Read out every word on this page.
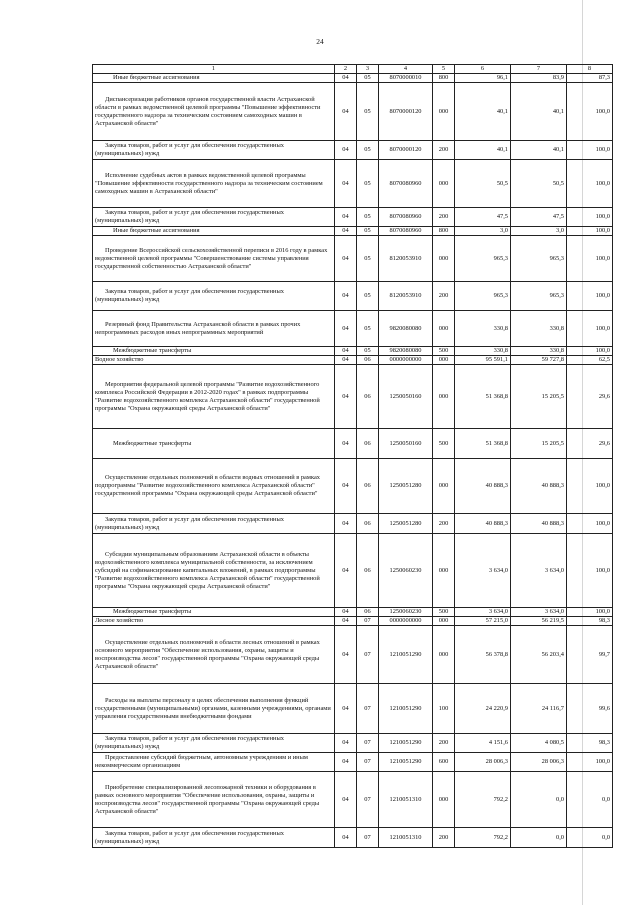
24
1	2	3	4	5	6	7	8
Иные бюджетные ассигнования	04	05	8070000010	800	96,1	83,9	87,3
Диспансеризация работников органов государственной власти Астраханской области в рамках ведомственной целевой программы "Повышение эффективности государственного надзора за техническим состоянием самоходных машин в Астраханской области"	04	05	8070000120	000	40,1	40,1	100,0
Закупка товаров, работ и услуг для обеспечения государственных (муниципальных) нужд	04	05	8070000120	200	40,1	40,1	100,0
Исполнение судебных актов в рамках ведомственной целевой программы "Повышение эффективности государственного надзора за техническим состоянием самоходных машин в Астраханской области"	04	05	8070080960	000	50,5	50,5	100,0
Закупка товаров, работ и услуг для обеспечения государственных (муниципальных) нужд	04	05	8070080960	200	47,5	47,5	100,0
Иные бюджетные ассигнования	04	05	8070080960	800	3,0	3,0	100,0
Проведение Всероссийской сельскохозяйственной переписи в 2016 году в рамках ведомственной целевой программы "Совершенствование системы управления государственной собственностью Астраханской области"	04	05	8120053910	000	965,3	965,3	100,0
Закупка товаров, работ и услуг для обеспечения государственных (муниципальных) нужд	04	05	8120053910	200	965,3	965,3	100,0
Резервный фонд Правительства Астраханской области в рамках прочих непрограммных расходов иных непрограммных мероприятий	04	05	9820080080	000	330,8	330,8	100,0
Межбюджетные трансферты	04	05	9820080080	500	330,8	330,8	100,0
Водное хозяйство	04	06	0000000000	000	95 591,1	59 727,8	62,5
Мероприятия федеральной целевой программы "Развитие водохозяйственного комплекса Российской Федерации в 2012-2020 годах" в рамках подпрограммы "Развитие водохозяйственного комплекса Астраханской области" государственной программы "Охрана окружающей среды Астраханской области"	04	06	1250050160	000	51 368,8	15 205,5	29,6
Межбюджетные трансферты	04	06	1250050160	500	51 368,8	15 205,5	29,6
Осуществление отдельных полномочий в области водных отношений в рамках подпрограммы "Развитие водохозяйственного комплекса Астраханской области" государственной программы "Охрана окружающей среды Астраханской области"	04	06	1250051280	000	40 888,3	40 888,3	100,0
Закупка товаров, работ и услуг для обеспечения государственных (муниципальных) нужд	04	06	1250051280	200	40 888,3	40 888,3	100,0
Субсидии муниципальным образованиям Астраханской области в объекты водохозяйственного комплекса муниципальной собственности, за исключением субсидий на софинансирование капитальных вложений, в рамках подпрограммы "Развитие водохозяйственного комплекса Астраханской области" государственной программы "Охрана окружающей среды Астраханской области"	04	06	1250060230	000	3 634,0	3 634,0	100,0
Межбюджетные трансферты	04	06	1250060230	500	3 634,0	3 634,0	100,0
Лесное хозяйство	04	07	0000000000	000	57 215,0	56 219,5	98,3
Осуществление отдельных полномочий в области лесных отношений в рамках основного мероприятия "Обеспечение использования, охраны, защиты и воспроизводства лесов" государственной программы "Охрана окружающей среды Астраханской области"	04	07	1210051290	000	56 378,8	56 203,4	99,7
Расходы на выплаты персоналу в целях обеспечения выполнения функций государственными (муниципальными) органами, казенными учреждениями, органами управления государственными внебюджетными фондами	04	07	1210051290	100	24 220,9	24 116,7	99,6
Закупка товаров, работ и услуг для обеспечения государственных (муниципальных) нужд	04	07	1210051290	200	4 151,6	4 080,5	98,3
Предоставление субсидий бюджетным, автономным учреждениям и иным некоммерческим организациям	04	07	1210051290	600	28 006,3	28 006,3	100,0
Приобретение специализированной лесопожарной техники и оборудования в рамках основного мероприятия "Обеспечение использования, охраны, защиты и воспроизводства лесов" государственной программы "Охрана окружающей среды Астраханской области"	04	07	1210051310	000	792,2	0,0	0,0
Закупка товаров, работ и услуг для обеспечения государственных (муниципальных) нужд	04	07	1210051310	200	792,2	0,0	0,0
